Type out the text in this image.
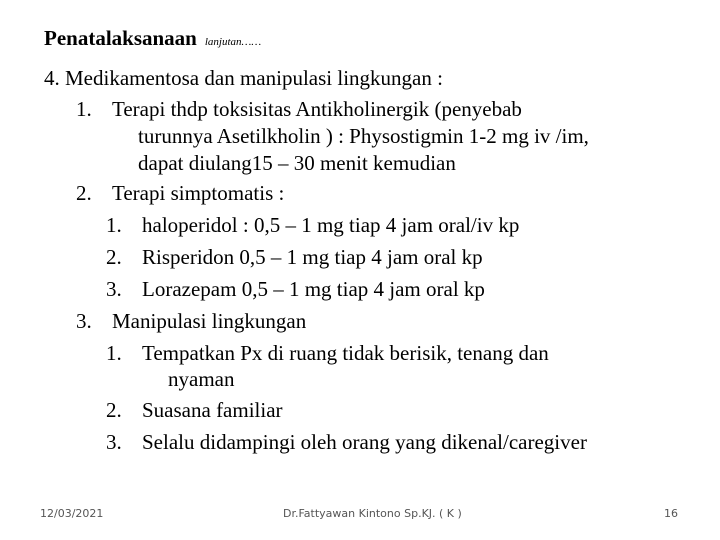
Penatalaksanaan lanjutan……
4. Medikamentosa dan manipulasi lingkungan :
1. Terapi thdp toksisitas Antikholinergik (penyebab
turunnya Asetilkholin ) : Physostigmin 1-2 mg iv /im,
dapat diulang15 – 30 menit kemudian
2. Terapi simptomatis :
1. haloperidol : 0,5 – 1 mg tiap 4 jam oral/iv kp
2. Risperidon 0,5 – 1 mg tiap 4 jam oral kp
3. Lorazepam 0,5 – 1 mg tiap 4 jam oral kp
3. Manipulasi lingkungan
1. Tempatkan Px di ruang tidak berisik, tenang dan
nyaman
2. Suasana familiar
3. Selalu didampingi oleh orang yang dikenal/caregiver
12/03/2021	Dr.Fattyawan Kintono Sp.KJ. ( K )	16
